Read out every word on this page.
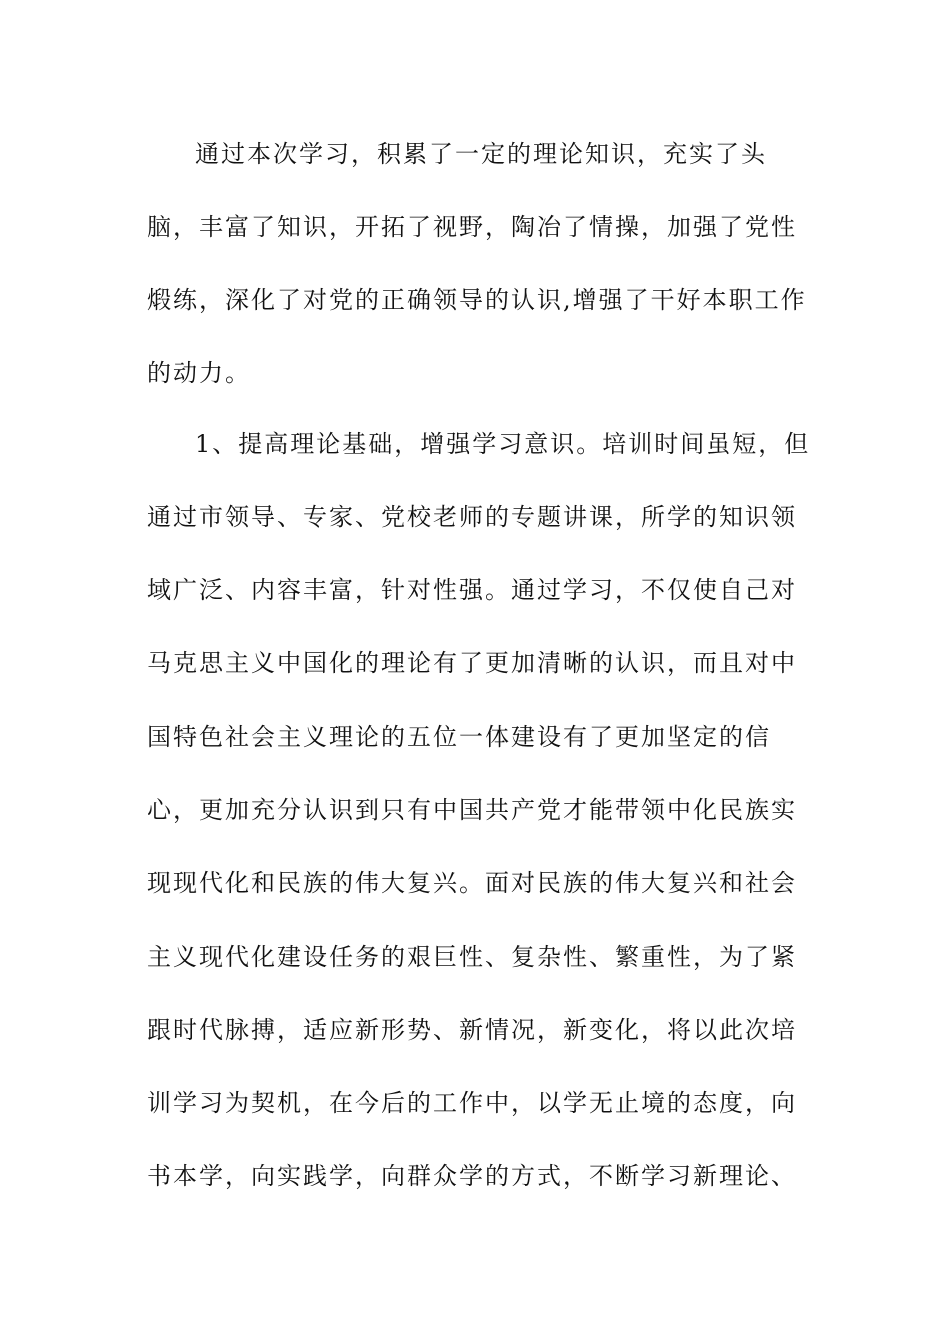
通过本次学习，积累了一定的理论知识，充实了头
脑，丰富了知识，开拓了视野，陶冶了情操，加强了党性
煅练，深化了对党的正确领导的认识,增强了干好本职工作
的动力。
1、提高理论基础，增强学习意识。培训时间虽短，但
通过市领导、专家、党校老师的专题讲课，所学的知识领
域广泛、内容丰富，针对性强。通过学习，不仅使自己对
马克思主义中国化的理论有了更加清晰的认识，而且对中
国特色社会主义理论的五位一体建设有了更加坚定的信
心，更加充分认识到只有中国共产党才能带领中化民族实
现现代化和民族的伟大复兴。面对民族的伟大复兴和社会
主义现代化建设任务的艰巨性、复杂性、繁重性，为了紧
跟时代脉搏，适应新形势、新情况，新变化，将以此次培
训学习为契机，在今后的工作中，以学无止境的态度，向
书本学，向实践学，向群众学的方式，不断学习新理论、
